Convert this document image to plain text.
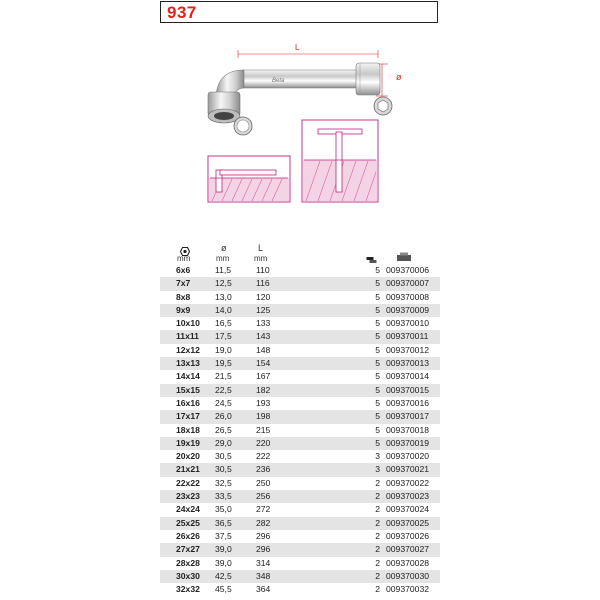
937
L
ø
Beta
mm
ø
mm
L
mm
6x6	11,5	110	5 009370006
7x7	12,5	116	5 009370007
8x8	13,0	120	5 009370008
9x9	14,0	125	5 009370009
10x10	16,5	133	5 009370010
11x11	17,5	143	5 009370011
12x12	19,0	148	5 009370012
13x13	19,5	154	5 009370013
14x14	21,5	167	5 009370014
15x15	22,5	182	5 009370015
16x16	24,5	193	5 009370016
17x17	26,0	198	5 009370017
18x18	26,5	215	5 009370018
19x19	29,0	220	5 009370019
20x20	30,5	222	3 009370020
21x21	30,5	236	3 009370021
22x22	32,5	250	2 009370022
23x23	33,5	256	2 009370023
24x24	35,0	272	2 009370024
25x25	36,5	282	2 009370025
26x26	37,5	296	2 009370026
27x27	39,0	296	2 009370027
28x28	39,0	314	2 009370028
30x30	42,5	348	2 009370030
32x32	45,5	364	2 009370032
